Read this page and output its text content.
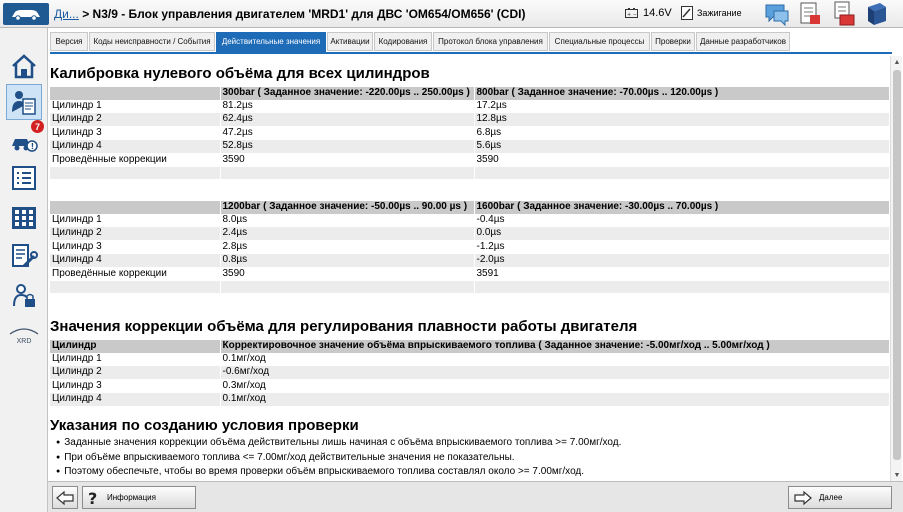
Ди... > N3/9 - Блок управления двигателем 'MRD1' для ДВС 'OM654/OM656' (CDI)	+ − 14.6V	Зажигание
!
7
XRD
Версия	Коды неисправности / События	Действительные значения	Активации	Кодирования	Протокол блока управления	Специальные процессы	Проверки	Данные разработчиков
Калибровка нулевого объёма для всех цилиндров
	300bar ( Заданное значение: -220.00µs .. 250.00µs )	800bar ( Заданное значение: -70.00µs .. 120.00µs )
Цилиндр 1	81.2µs	17.2µs
Цилиндр 2	62.4µs	12.8µs
Цилиндр 3	47.2µs	6.8µs
Цилиндр 4	52.8µs	5.6µs
Проведённые коррекции	3590	3590

	1200bar ( Заданное значение: -50.00µs .. 90.00 µs )	1600bar ( Заданное значение: -30.00µs .. 70.00µs )
Цилиндр 1	8.0µs	-0.4µs
Цилиндр 2	2.4µs	0.0µs
Цилиндр 3	2.8µs	-1.2µs
Цилиндр 4	0.8µs	-2.0µs
Проведённые коррекции	3590	3591

Значения коррекции объёма для регулирования плавности работы двигателя
Цилиндр	Корректировочное значение объёма впрыскиваемого топлива ( Заданное значение: -5.00мг/ход .. 5.00мг/ход )
Цилиндр 1	0.1мг/ход
Цилиндр 2	-0.6мг/ход
Цилиндр 3	0.3мг/ход
Цилиндр 4	0.1мг/ход
Указания по созданию условия проверки
● Заданные значения коррекции объёма действительны лишь начиная с объёма впрыскиваемого топлива >= 7.00мг/ход.
● При объёме впрыскиваемого топлива <= 7.00мг/ход действительные значения не показательны.
● Поэтому обеспечьте, чтобы во время проверки объём впрыскиваемого топлива составлял около >= 7.00мг/ход.
●
▲
▼
? Информация	Далее
